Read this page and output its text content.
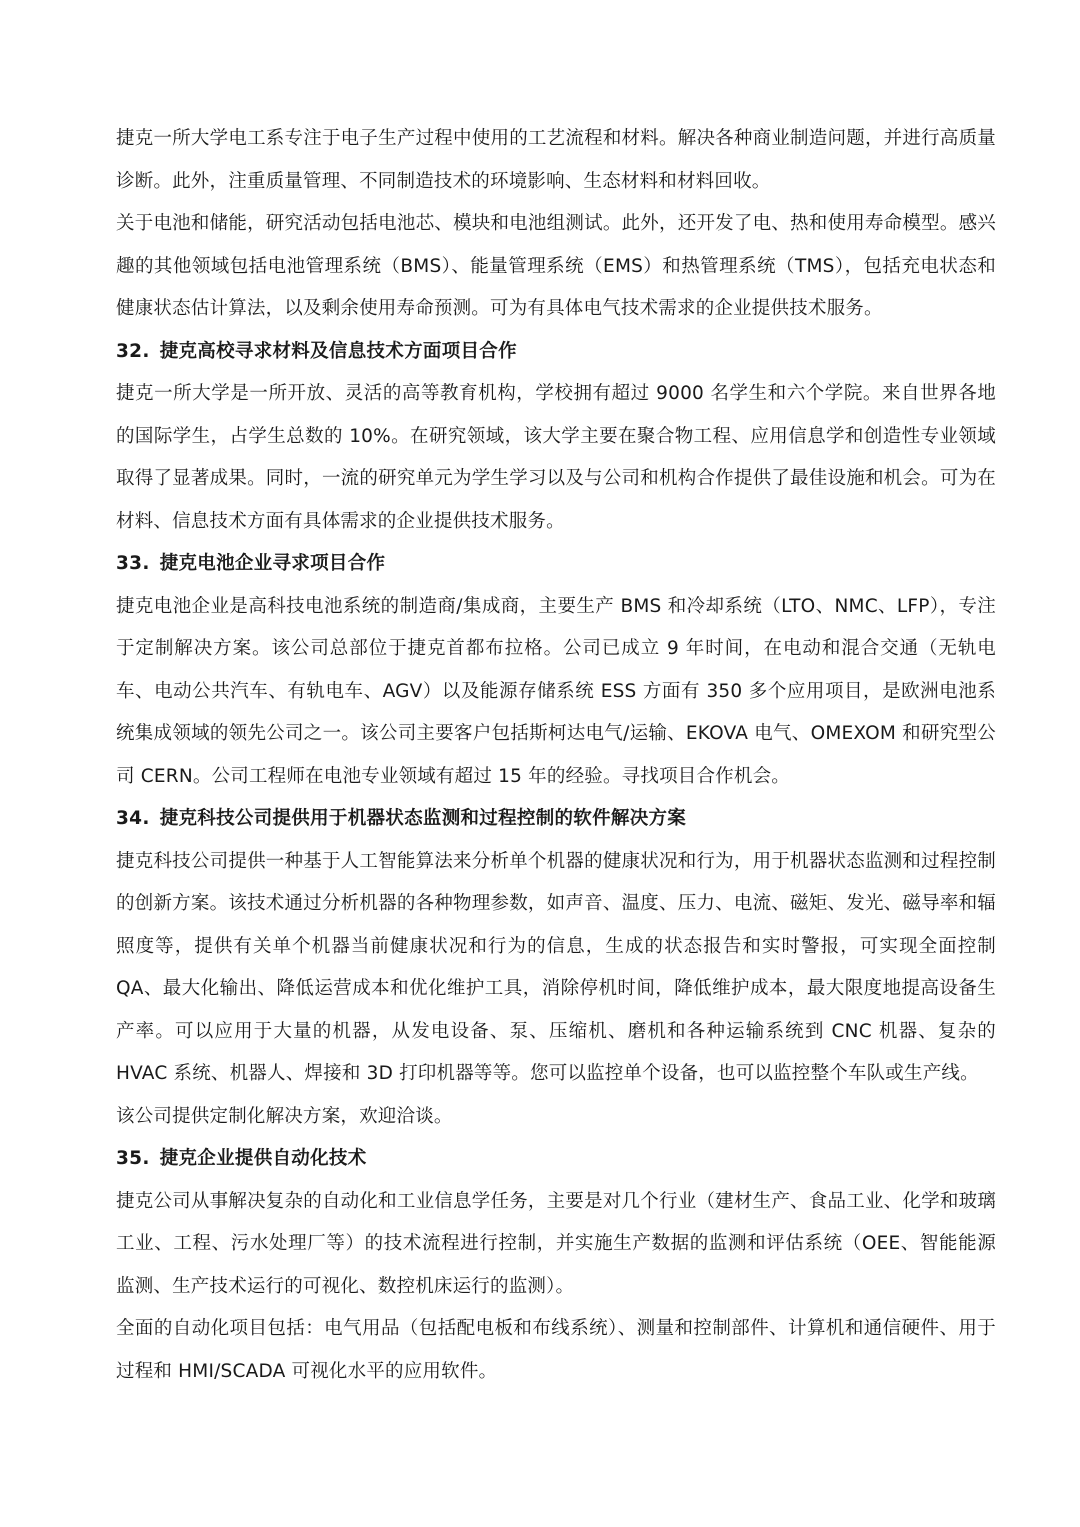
捷克一所大学电工系专注于电子生产过程中使用的工艺流程和材料。解决各种商业制造问题，并进行高质量诊断。此外，注重质量管理、不同制造技术的环境影响、生态材料和材料回收。

关于电池和储能，研究活动包括电池芯、模块和电池组测试。此外，还开发了电、热和使用寿命模型。感兴趣的其他领域包括电池管理系统（BMS）、能量管理系统（EMS）和热管理系统（TMS），包括充电状态和健康状态估计算法，以及剩余使用寿命预测。可为有具体电气技术需求的企业提供技术服务。

32. 捷克高校寻求材料及信息技术方面项目合作

捷克一所大学是一所开放、灵活的高等教育机构，学校拥有超过 9000 名学生和六个学院。来自世界各地的国际学生，占学生总数的 10%。在研究领域，该大学主要在聚合物工程、应用信息学和创造性专业领域取得了显著成果。同时，一流的研究单元为学生学习以及与公司和机构合作提供了最佳设施和机会。可为在材料、信息技术方面有具体需求的企业提供技术服务。

33. 捷克电池企业寻求项目合作

捷克电池企业是高科技电池系统的制造商/集成商，主要生产 BMS 和冷却系统（LTO、NMC、LFP），专注于定制解决方案。该公司总部位于捷克首都布拉格。公司已成立 9 年时间，在电动和混合交通（无轨电车、电动公共汽车、有轨电车、AGV）以及能源存储系统 ESS 方面有 350 多个应用项目，是欧洲电池系统集成领域的领先公司之一。该公司主要客户包括斯柯达电气/运输、EKOVA 电气、OMEXOM 和研究型公司 CERN。公司工程师在电池专业领域有超过 15 年的经验。寻找项目合作机会。

34. 捷克科技公司提供用于机器状态监测和过程控制的软件解决方案

捷克科技公司提供一种基于人工智能算法来分析单个机器的健康状况和行为，用于机器状态监测和过程控制的创新方案。该技术通过分析机器的各种物理参数，如声音、温度、压力、电流、磁矩、发光、磁导率和辐照度等，提供有关单个机器当前健康状况和行为的信息，生成的状态报告和实时警报，可实现全面控制 QA、最大化输出、降低运营成本和优化维护工具，消除停机时间，降低维护成本，最大限度地提高设备生产率。可以应用于大量的机器，从发电设备、泵、压缩机、磨机和各种运输系统到 CNC 机器、复杂的 HVAC 系统、机器人、焊接和 3D 打印机器等等。您可以监控单个设备，也可以监控整个车队或生产线。

该公司提供定制化解决方案，欢迎洽谈。

35. 捷克企业提供自动化技术

捷克公司从事解决复杂的自动化和工业信息学任务，主要是对几个行业（建材生产、食品工业、化学和玻璃工业、工程、污水处理厂等）的技术流程进行控制，并实施生产数据的监测和评估系统（OEE、智能能源监测、生产技术运行的可视化、数控机床运行的监测）。

全面的自动化项目包括：电气用品（包括配电板和布线系统）、测量和控制部件、计算机和通信硬件、用于过程和 HMI/SCADA 可视化水平的应用软件。
